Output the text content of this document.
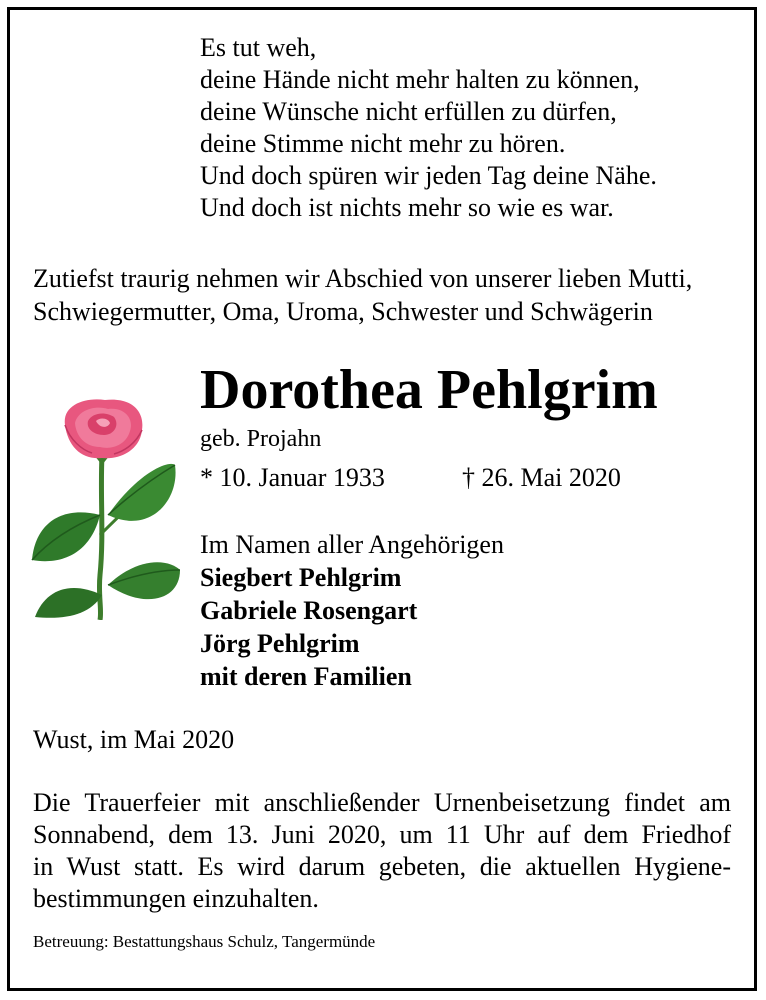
Es tut weh,
deine Hände nicht mehr halten zu können,
deine Wünsche nicht erfüllen zu dürfen,
deine Stimme nicht mehr zu hören.
Und doch spüren wir jeden Tag deine Nähe.
Und doch ist nichts mehr so wie es war.
Zutiefst traurig nehmen wir Abschied von unserer lieben Mutti,
Schwiegermutter, Oma, Uroma, Schwester und Schwägerin
Dorothea Pehlgrim
geb. Projahn
* 10. Januar 1933	† 26. Mai 2020
Im Namen aller Angehörigen
Siegbert Pehlgrim
Gabriele Rosengart
Jörg Pehlgrim
mit deren Familien
Wust, im Mai 2020
Die Trauerfeier mit anschließender Urnenbeisetzung findet am
Sonnabend, dem 13. Juni 2020, um 11 Uhr auf dem Friedhof
in Wust statt. Es wird darum gebeten, die aktuellen Hygiene-
bestimmungen einzuhalten.
Betreuung: Bestattungshaus Schulz, Tangermünde
